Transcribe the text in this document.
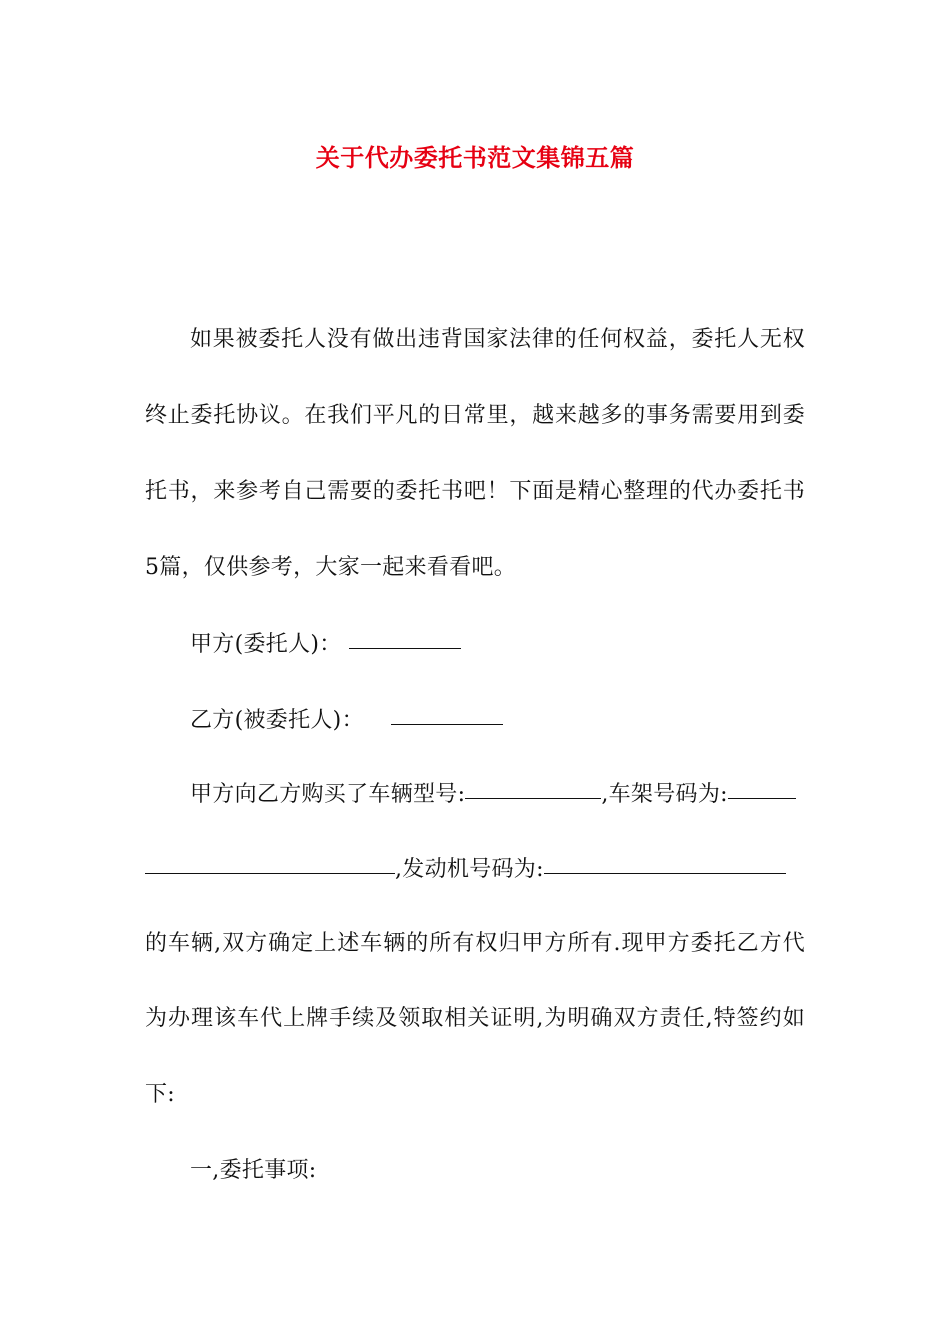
关于代办委托书范文集锦五篇
如果被委托人没有做出违背国家法律的任何权益，委托人无权
终止委托协议。在我们平凡的日常里，越来越多的事务需要用到委
托书，来参考自己需要的委托书吧！下面是精心整理的代办委托书
5篇，仅供参考，大家一起来看看吧。
甲方(委托人)：
乙方(被委托人)：
甲方向乙方购买了车辆型号:	,车架号码为:
,发动机号码为:
的车辆,双方确定上述车辆的所有权归甲方所有.现甲方委托乙方代
为办理该车代上牌手续及领取相关证明,为明确双方责任,特签约如
下:
一,委托事项:
